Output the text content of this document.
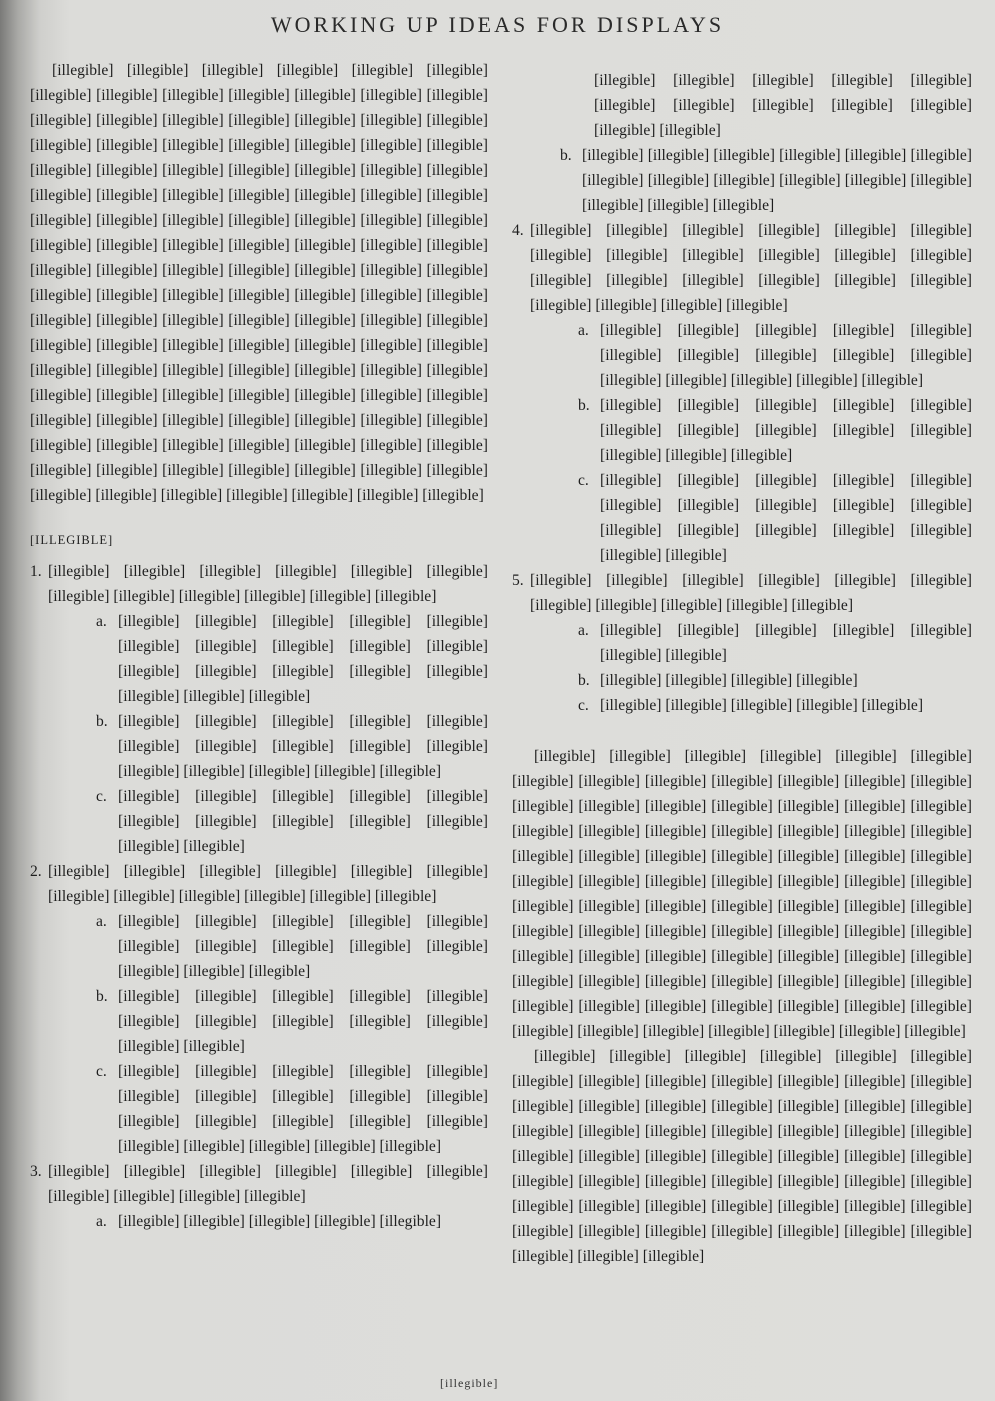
WORKING UP IDEAS FOR DISPLAYS

[illegible] [illegible] [illegible] [illegible] [illegible] [illegible] [illegible] [illegible] [illegible] [illegible] [illegible] [illegible] [illegible] [illegible] [illegible] [illegible] [illegible] [illegible] [illegible] [illegible] [illegible] [illegible] [illegible] [illegible] [illegible] [illegible] [illegible] [illegible] [illegible] [illegible] [illegible] [illegible] [illegible] [illegible] [illegible] [illegible] [illegible] [illegible] [illegible] [illegible] [illegible] [illegible] [illegible] [illegible] [illegible] [illegible] [illegible] [illegible] [illegible] [illegible] [illegible] [illegible] [illegible] [illegible] [illegible] [illegible] [illegible] [illegible] [illegible] [illegible] [illegible] [illegible] [illegible] [illegible] [illegible] [illegible] [illegible] [illegible] [illegible] [illegible] [illegible] [illegible] [illegible] [illegible] [illegible] [illegible] [illegible] [illegible] [illegible] [illegible] [illegible] [illegible] [illegible] [illegible] [illegible] [illegible] [illegible] [illegible] [illegible] [illegible] [illegible] [illegible] [illegible] [illegible] [illegible] [illegible] [illegible] [illegible] [illegible] [illegible] [illegible] [illegible] [illegible] [illegible] [illegible] [illegible] [illegible] [illegible] [illegible] [illegible] [illegible] [illegible] [illegible] [illegible] [illegible] [illegible] [illegible] [illegible] [illegible] [illegible] [illegible] [illegible] [illegible] [illegible] [illegible]

[ILLEGIBLE]
1. [illegible] [illegible] [illegible] [illegible] [illegible] [illegible] [illegible] [illegible] [illegible] [illegible] [illegible] [illegible]
a. [illegible] [illegible] [illegible] [illegible] [illegible] [illegible] [illegible] [illegible] [illegible] [illegible] [illegible] [illegible] [illegible] [illegible] [illegible] [illegible] [illegible] [illegible]
b. [illegible] [illegible] [illegible] [illegible] [illegible] [illegible] [illegible] [illegible] [illegible] [illegible] [illegible] [illegible] [illegible] [illegible] [illegible]
c. [illegible] [illegible] [illegible] [illegible] [illegible] [illegible] [illegible] [illegible] [illegible] [illegible] [illegible] [illegible]
2. [illegible] [illegible] [illegible] [illegible] [illegible] [illegible] [illegible] [illegible] [illegible] [illegible] [illegible] [illegible]
a. [illegible] [illegible] [illegible] [illegible] [illegible] [illegible] [illegible] [illegible] [illegible] [illegible] [illegible] [illegible] [illegible]
b. [illegible] [illegible] [illegible] [illegible] [illegible] [illegible] [illegible] [illegible] [illegible] [illegible] [illegible] [illegible]
c. [illegible] [illegible] [illegible] [illegible] [illegible] [illegible] [illegible] [illegible] [illegible] [illegible] [illegible] [illegible] [illegible] [illegible] [illegible] [illegible] [illegible] [illegible] [illegible] [illegible]
3. [illegible] [illegible] [illegible] [illegible] [illegible] [illegible] [illegible] [illegible] [illegible] [illegible]
a. [illegible] [illegible] [illegible] [illegible] [illegible]

[illegible] [illegible] [illegible] [illegible] [illegible] [illegible] [illegible] [illegible] [illegible] [illegible] [illegible] [illegible]

b. [illegible] [illegible] [illegible] [illegible] [illegible] [illegible] [illegible] [illegible] [illegible] [illegible] [illegible] [illegible] [illegible] [illegible] [illegible]
4. [illegible] [illegible] [illegible] [illegible] [illegible] [illegible] [illegible] [illegible] [illegible] [illegible] [illegible] [illegible] [illegible] [illegible] [illegible] [illegible] [illegible] [illegible] [illegible] [illegible] [illegible] [illegible]
a. [illegible] [illegible] [illegible] [illegible] [illegible] [illegible] [illegible] [illegible] [illegible] [illegible] [illegible] [illegible] [illegible] [illegible] [illegible]
b. [illegible] [illegible] [illegible] [illegible] [illegible] [illegible] [illegible] [illegible] [illegible] [illegible] [illegible] [illegible] [illegible]
c. [illegible] [illegible] [illegible] [illegible] [illegible] [illegible] [illegible] [illegible] [illegible] [illegible] [illegible] [illegible] [illegible] [illegible] [illegible] [illegible] [illegible]
5. [illegible] [illegible] [illegible] [illegible] [illegible] [illegible] [illegible] [illegible] [illegible] [illegible] [illegible]
a. [illegible] [illegible] [illegible] [illegible] [illegible] [illegible] [illegible]
b. [illegible] [illegible] [illegible] [illegible]
c. [illegible] [illegible] [illegible] [illegible] [illegible]

[illegible] [illegible] [illegible] [illegible] [illegible] [illegible] [illegible] [illegible] [illegible] [illegible] [illegible] [illegible] [illegible] [illegible] [illegible] [illegible] [illegible] [illegible] [illegible] [illegible] [illegible] [illegible] [illegible] [illegible] [illegible] [illegible] [illegible] [illegible] [illegible] [illegible] [illegible] [illegible] [illegible] [illegible] [illegible] [illegible] [illegible] [illegible] [illegible] [illegible] [illegible] [illegible] [illegible] [illegible] [illegible] [illegible] [illegible] [illegible] [illegible] [illegible] [illegible] [illegible] [illegible] [illegible] [illegible] [illegible] [illegible] [illegible] [illegible] [illegible] [illegible] [illegible] [illegible] [illegible] [illegible] [illegible] [illegible] [illegible] [illegible] [illegible] [illegible] [illegible] [illegible] [illegible] [illegible] [illegible] [illegible] [illegible] [illegible] [illegible] [illegible] [illegible] [illegible]

[illegible] [illegible] [illegible] [illegible] [illegible] [illegible] [illegible] [illegible] [illegible] [illegible] [illegible] [illegible] [illegible] [illegible] [illegible] [illegible] [illegible] [illegible] [illegible] [illegible] [illegible] [illegible] [illegible] [illegible] [illegible] [illegible] [illegible] [illegible] [illegible] [illegible] [illegible] [illegible] [illegible] [illegible] [illegible] [illegible] [illegible] [illegible] [illegible] [illegible] [illegible] [illegible] [illegible] [illegible] [illegible] [illegible] [illegible] [illegible] [illegible] [illegible] [illegible] [illegible] [illegible] [illegible] [illegible] [illegible] [illegible] [illegible]

[illegible]
